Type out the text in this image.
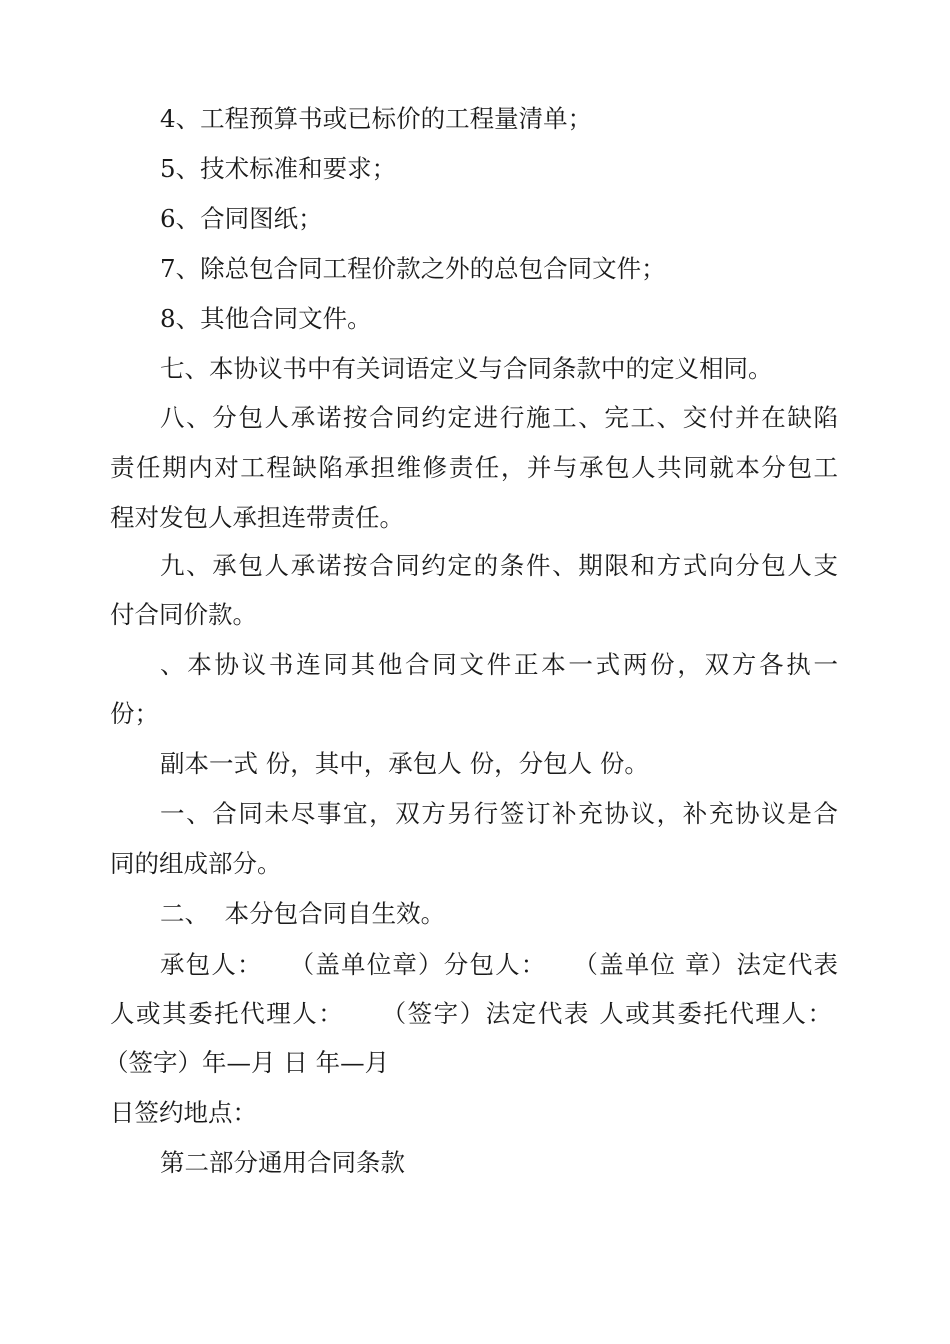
4、工程预算书或已标价的工程量清单；

5、技术标准和要求；

6、合同图纸；

7、除总包合同工程价款之外的总包合同文件；

8、其他合同文件。

七、本协议书中有关词语定义与合同条款中的定义相同。

八、分包人承诺按合同约定进行施工、完工、交付并在缺陷

责任期内对工程缺陷承担维修责任，并与承包人共同就本分包工

程对发包人承担连带责任。

九、承包人承诺按合同约定的条件、期限和方式向分包人支

付合同价款。

、本协议书连同其他合同文件正本一式两份，双方各执一

份；

副本一式 份，其中，承包人 份，分包人 份。

一、合同未尽事宜，双方另行签订补充协议，补充协议是合

同的组成部分。

二、  本分包合同自生效。

承包人：   （盖单位章）分包人：   （盖单位 章）法定代表

人或其委托代理人：    （签字）法定代表 人或其委托代理人：

（签字）年—月 日 年—月

日签约地点：

第二部分通用合同条款
